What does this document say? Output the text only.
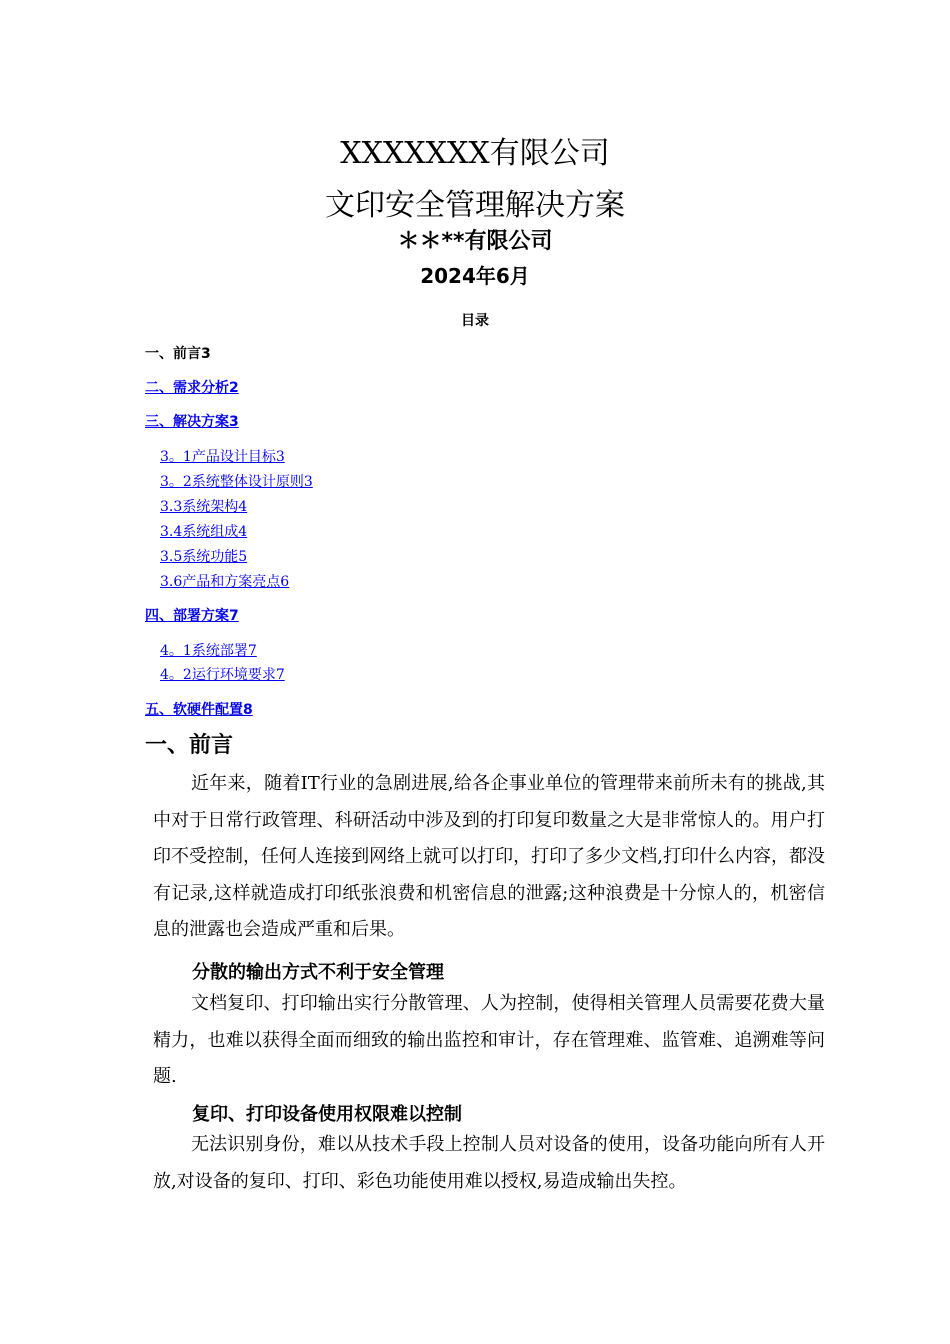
XXXXXXX有限公司
文印安全管理解决方案
＊＊**有限公司
2024年6月
目录
一、前言3
二、需求分析2
三、解决方案3
3。1产品设计目标3
3。2系统整体设计原则3
3.3系统架构4
3.4系统组成4
3.5系统功能5
3.6产品和方案亮点6
四、部署方案7
4。1系统部署7
4。2运行环境要求7
五、软硬件配置8
一、前言
近年来，随着IT行业的急剧进展,给各企事业单位的管理带来前所未有的挑战,其中对于日常行政管理、科研活动中涉及到的打印复印数量之大是非常惊人的。用户打印不受控制，任何人连接到网络上就可以打印，打印了多少文档,打印什么内容，都没有记录,这样就造成打印纸张浪费和机密信息的泄露;这种浪费是十分惊人的，机密信息的泄露也会造成严重和后果。
分散的输出方式不利于安全管理
文档复印、打印输出实行分散管理、人为控制，使得相关管理人员需要花费大量精力，也难以获得全面而细致的输出监控和审计，存在管理难、监管难、追溯难等问题.
复印、打印设备使用权限难以控制
无法识别身份，难以从技术手段上控制人员对设备的使用，设备功能向所有人开放,对设备的复印、打印、彩色功能使用难以授权,易造成输出失控。
